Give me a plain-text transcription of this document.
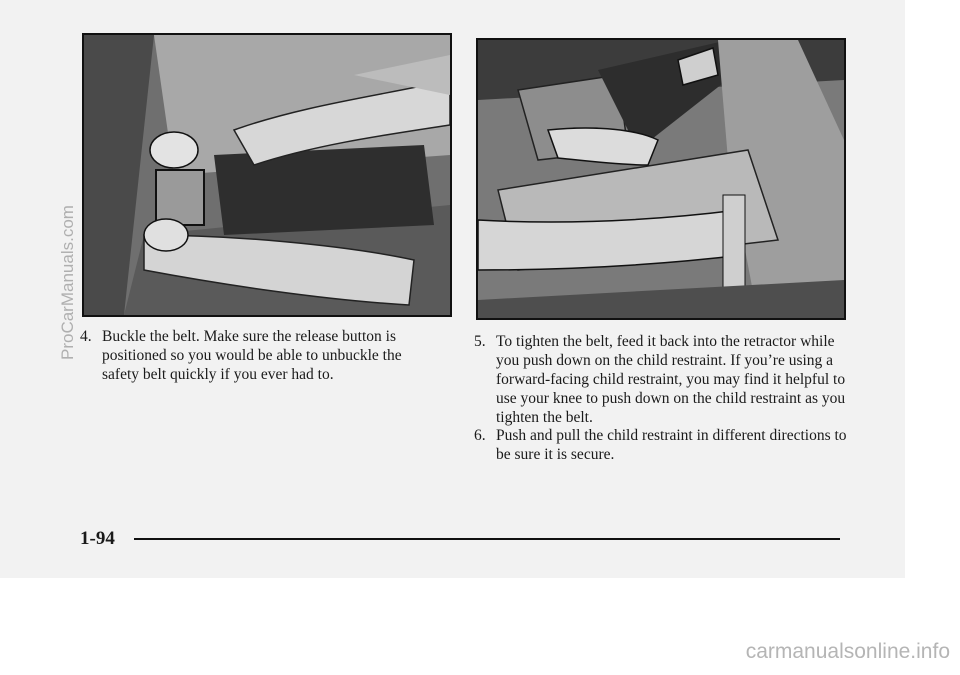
4. Buckle the belt. Make sure the release button is positioned so you would be able to unbuckle the safety belt quickly if you ever had to.
5. To tighten the belt, feed it back into the retractor while you push down on the child restraint. If you’re using a forward-facing child restraint, you may find it helpful to use your knee to push down on the child restraint as you tighten the belt.
6. Push and pull the child restraint in different directions to be sure it is secure.
1-94
ProCarManuals.com
carmanualsonline.info
